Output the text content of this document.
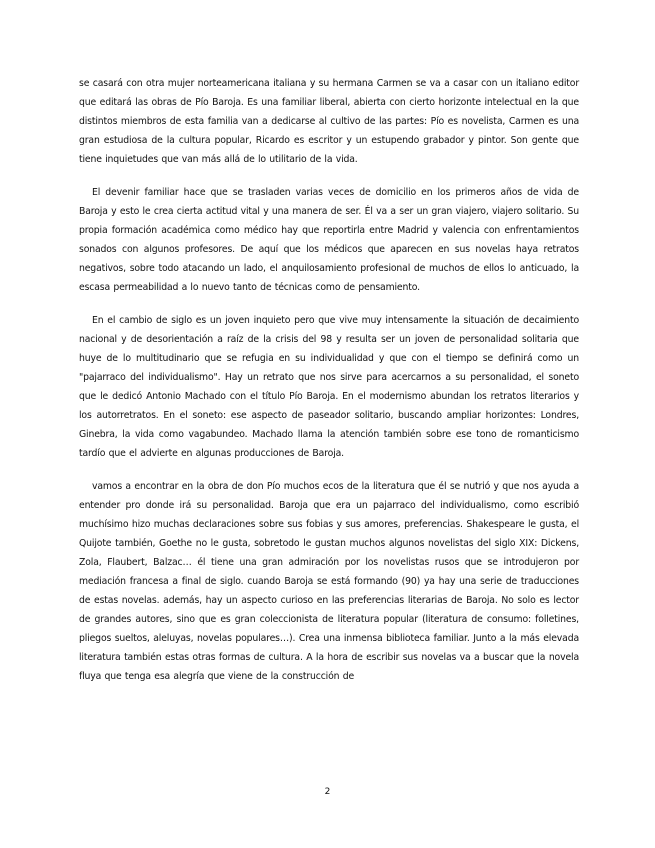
se casará con otra mujer norteamericana italiana y su hermana Carmen se va a casar con un italiano editor que editará las obras de Pío Baroja. Es una familiar liberal, abierta con cierto horizonte intelectual en la que distintos miembros de esta familia van a dedicarse al cultivo de las partes: Pío es novelista, Carmen es una gran estudiosa de la cultura popular, Ricardo es escritor y un estupendo grabador y pintor. Son gente que tiene inquietudes que van más allá de lo utilitario de la vida.

El devenir familiar hace que se trasladen varias veces de domicilio en los primeros años de vida de Baroja y esto le crea cierta actitud vital y una manera de ser. Él va a ser un gran viajero, viajero solitario. Su propia formación académica como médico hay que reportirla entre Madrid y valencia con enfrentamientos sonados con algunos profesores. De aquí que los médicos que aparecen en sus novelas haya retratos negativos, sobre todo atacando un lado, el anquilosamiento profesional de muchos de ellos lo anticuado, la escasa permeabilidad a lo nuevo tanto de técnicas como de pensamiento.

En el cambio de siglo es un joven inquieto pero que vive muy intensamente la situación de decaimiento nacional y de desorientación a raíz de la crisis del 98 y resulta ser un joven de personalidad solitaria que huye de lo multitudinario que se refugia en su individualidad y que con el tiempo se definirá como un "pajarraco del individualismo". Hay un retrato que nos sirve para acercarnos a su personalidad, el soneto que le dedicó Antonio Machado con el título Pío Baroja. En el modernismo abundan los retratos literarios y los autorretratos. En el soneto: ese aspecto de paseador solitario, buscando ampliar horizontes: Londres, Ginebra, la vida como vagabundeo. Machado llama la atención también sobre ese tono de romanticismo tardío que el advierte en algunas producciones de Baroja.

vamos a encontrar en la obra de don Pío muchos ecos de la literatura que él se nutrió y que nos ayuda a entender pro donde irá su personalidad. Baroja que era un pajarraco del individualismo, como escribió muchísimo hizo muchas declaraciones sobre sus fobias y sus amores, preferencias. Shakespeare le gusta, el Quijote también, Goethe no le gusta, sobretodo le gustan muchos algunos novelistas del siglo XIX: Dickens, Zola, Flaubert, Balzac… él tiene una gran admiración por los novelistas rusos que se introdujeron por mediación francesa a final de siglo. cuando Baroja se está formando (90) ya hay una serie de traducciones de estas novelas. además, hay un aspecto curioso en las preferencias literarias de Baroja. No solo es lector de grandes autores, sino que es gran coleccionista de literatura popular (literatura de consumo: folletines, pliegos sueltos, aleluyas, novelas populares…). Crea una inmensa biblioteca familiar. Junto a la más elevada literatura también estas otras formas de cultura. A la hora de escribir sus novelas va a buscar que la novela fluya que tenga esa alegría que viene de la construcción de

2
